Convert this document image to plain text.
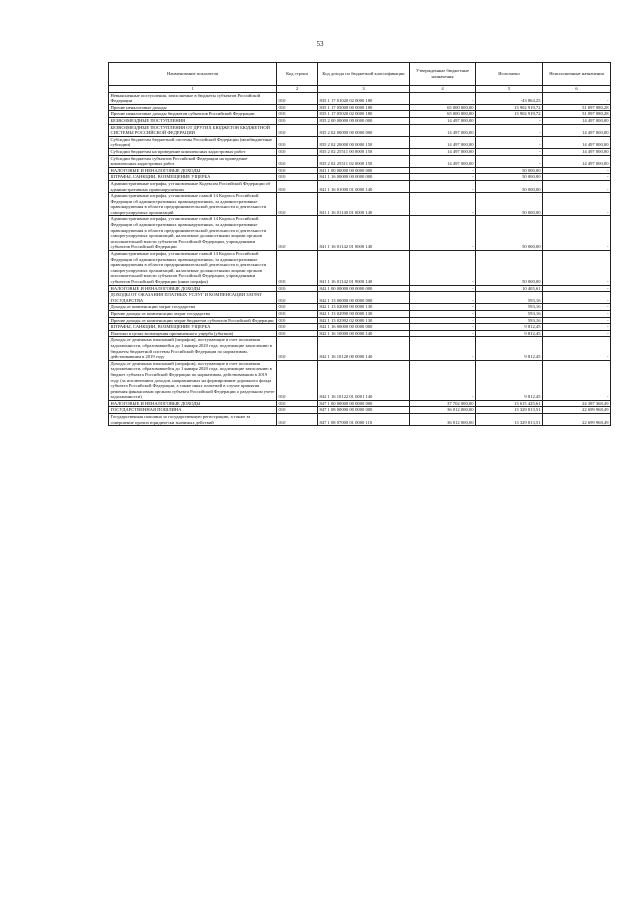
53
Наименование показателя	Код строки	Код дохода по бюджетной классификации	Утвержденные бюджетные назначения	Исполнено	Неисполненные назначения
1	2	3	4	5	6
Невыясненные поступления, зачисляемые в бюджеты субъектов Российской Федерации	010	835 1 17 01020 02 0000 180	-	-43 864,25	-
Прочие неналоговые доходы	010	835 1 17 05000 00 0000 180	65 000 000,00	13 902 919,72	51 097 080,28
Прочие неналоговые доходы бюджетов субъектов Российской Федерации	010	835 1 17 05020 02 0000 180	65 000 000,00	13 902 919,72	51 097 080,28
БЕЗВОЗМЕЗДНЫЕ ПОСТУПЛЕНИЯ	010	835 2 00 00000 00 0000 000	14 497 000,00	-	14 497 000,00
БЕЗВОЗМЕЗДНЫЕ ПОСТУПЛЕНИЯ ОТ ДРУГИХ БЮДЖЕТОВ БЮДЖЕТНОЙ СИСТЕМЫ РОССИЙСКОЙ ФЕДЕРАЦИИ	010	835 2 02 00000 00 0000 000	14 497 000,00	-	14 497 000,00
Субсидии бюджетам бюджетной системы Российской Федерации (межбюджетные субсидии)	010	835 2 02 20000 00 0000 150	14 497 000,00	-	14 497 000,00
Субсидии бюджетам на проведение комплексных кадастровых работ	010	835 2 02 25511 00 0000 150	14 497 000,00	-	14 497 000,00
Субсидии бюджетам субъектов Российской Федерации на проведение комплексных кадастровых работ	010	835 2 02 25511 02 0000 150	14 497 000,00	-	14 497 000,00
НАЛОГОВЫЕ И НЕНАЛОГОВЫЕ ДОХОДЫ	010	841 1 00 00000 00 0000 000	-	50 000,00	-
ШТРАФЫ, САНКЦИИ, ВОЗМЕЩЕНИЕ УЩЕРБА	010	841 1 16 00000 00 0000 000	-	50 000,00	-
Административные штрафы, установленные Кодексом Российской Федерации об административных правонарушениях	010	841 1 16 01000 01 0000 140	-	50 000,00	-
Административные штрафы, установленные главой 14 Кодекса Российской Федерации об административных правонарушениях, за административные правонарушения в области предпринимательской деятельности и деятельности саморегулируемых организаций	010	841 1 16 01140 01 0000 140	-	50 000,00	-
Административные штрафы, установленные главой 14 Кодекса Российской Федерации об административных правонарушениях, за административные правонарушения в области предпринимательской деятельности и деятельности саморегулируемых организаций, налагаемые должностными лицами органов исполнительной власти субъектов Российской Федерации, учреждениями субъектов Российской Федерации	010	841 1 16 01142 01 0000 140	-	50 000,00	-
Административные штрафы, установленные главой 14 Кодекса Российской Федерации об административных правонарушениях, за административные правонарушения в области предпринимательской деятельности и деятельности саморегулируемых организаций, налагаемые должностными лицами органов исполнительной власти субъектов Российской Федерации, учреждениями субъектов Российской Федерации (иные штрафы)	010	841 1 16 01142 01 9000 140	-	50 000,00	-
НАЛОГОВЫЕ И НЕНАЛОГОВЫЕ ДОХОДЫ	010	842 1 00 00000 00 0000 000	-	10 405,61	-
ДОХОДЫ ОТ ОКАЗАНИЯ ПЛАТНЫХ УСЛУГ И КОМПЕНСАЦИИ ЗАТРАТ ГОСУДАРСТВА	010	842 1 13 00000 00 0000 000	-	593,16	-
Доходы от компенсации затрат государства	010	842 1 13 02000 00 0000 130	-	593,16	-
Прочие доходы от компенсации затрат государства	010	842 1 13 02990 00 0000 130	-	593,16	-
Прочие доходы от компенсации затрат бюджетов субъектов Российской Федерации	010	842 1 13 02992 02 0000 130	-	593,16	-
ШТРАФЫ, САНКЦИИ, ВОЗМЕЩЕНИЕ УЩЕРБА	010	842 1 16 00000 00 0000 000	-	9 812,45	-
Платежи в целях возмещения причиненного ущерба (убытков)	010	842 1 16 10000 00 0000 140	-	9 812,45	-
Доходы от денежных взысканий (штрафов), поступающие в счет погашения задолженности, образовавшейся до 1 января 2020 года, подлежащие зачислению в бюджеты бюджетной системы Российской Федерации по нормативам, действовавшим в 2019 году	010	842 1 16 10120 00 0000 140	-	9 812,45	-
Доходы от денежных взысканий (штрафов), поступающие в счет погашения задолженности, образовавшейся до 1 января 2020 года, подлежащие зачислению в бюджет субъекта Российской Федерации по нормативам, действовавшим в 2019 году (за исключением доходов, направляемых на формирование дорожного фонда субъекта Российской Федерации, а также иных платежей в случае принятия решения финансовым органом субъекта Российской Федерации о раздельном учете задолженности)	010	842 1 16 10122 01 0001 140	-	9 812,45	-
НАЛОГОВЫЕ И НЕНАЛОГОВЫЕ ДОХОДЫ	010	847 1 00 00000 00 0000 000	37 702 000,00	13 615 425,61	24 387 368,49
ГОСУДАРСТВЕННАЯ ПОШЛИНА	010	847 1 08 00000 00 0000 000	36 012 000,00	13 329 813,51	22 699 968,49
Государственная пошлина за государственную регистрацию, а также за совершение прочих юридически значимых действий	010	847 1 08 07000 01 0000 110	36 012 000,00	13 329 813,51	22 699 968,49
